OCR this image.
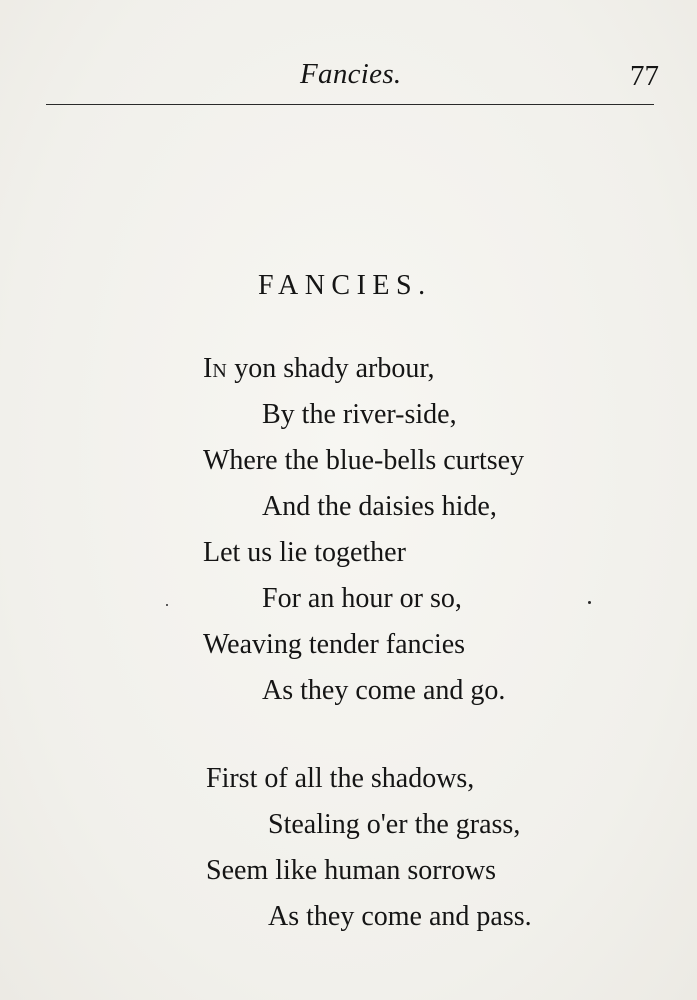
Fancies.	77
FANCIES.
IN yon shady arbour,
By the river-side,
Where the blue-bells curtsey
And the daisies hide,
Let us lie together
For an hour or so,
Weaving tender fancies
As they come and go.
First of all the shadows,
Stealing o'er the grass,
Seem like human sorrows
As they come and pass.
